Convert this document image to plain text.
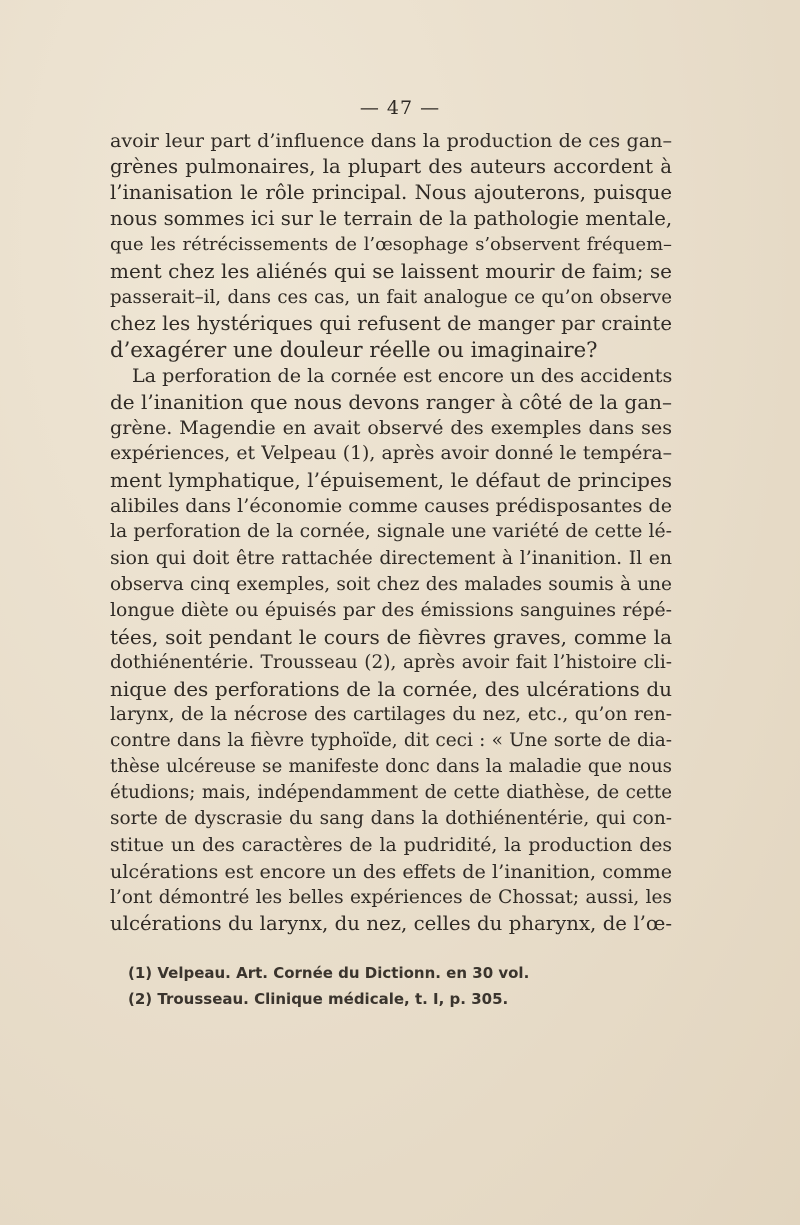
— 47 —
avoir leur part d’influence dans la production de ces gan–
grènes pulmonaires, la plupart des auteurs accordent à
l’inanisation le rôle principal. Nous ajouterons, puisque
nous sommes ici sur le terrain de la pathologie mentale,
que les rétrécissements de l’œsophage s’observent fréquem–
ment chez les aliénés qui se laissent mourir de faim; se
passerait–il, dans ces cas, un fait analogue ce qu’on observe
chez les hystériques qui refusent de manger par crainte
d’exagérer une douleur réelle ou imaginaire?
La perforation de la cornée est encore un des accidents
de l’inanition que nous devons ranger à côté de la gan–
grène. Magendie en avait observé des exemples dans ses
expériences, et Velpeau (1), après avoir donné le tempéra–
ment lymphatique, l’épuisement, le défaut de principes
alibiles dans l’économie comme causes prédisposantes de
la perforation de la cornée, signale une variété de cette lé-
sion qui doit être rattachée directement à l’inanition. Il en
observa cinq exemples, soit chez des malades soumis à une
longue diète ou épuisés par des émissions sanguines répé-
tées, soit pendant le cours de fièvres graves, comme la
dothiénentérie. Trousseau (2), après avoir fait l’histoire cli-
nique des perforations de la cornée, des ulcérations du
larynx, de la nécrose des cartilages du nez, etc., qu’on ren-
contre dans la fièvre typhoïde, dit ceci : « Une sorte de dia-
thèse ulcéreuse se manifeste donc dans la maladie que nous
étudions; mais, indépendamment de cette diathèse, de cette
sorte de dyscrasie du sang dans la dothiénentérie, qui con-
stitue un des caractères de la pudridité, la production des
ulcérations est encore un des effets de l’inanition, comme
l’ont démontré les belles expériences de Chossat; aussi, les
ulcérations du larynx, du nez, celles du pharynx, de l’œ-
(1) Velpeau. Art. Cornée du Dictionn. en 30 vol.
(2) Trousseau. Clinique médicale, t. I, p. 305.
